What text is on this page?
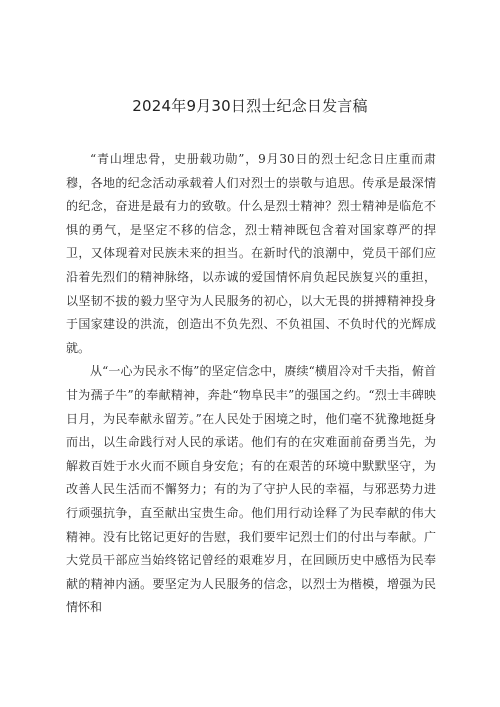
2024年9月30日烈士纪念日发言稿

“青山埋忠骨，史册载功勋”，9月30日的烈士纪念日庄重而肃穆，各地的纪念活动承载着人们对烈士的崇敬与追思。传承是最深情的纪念，奋进是最有力的致敬。什么是烈士精神？烈士精神是临危不惧的勇气，是坚定不移的信念，烈士精神既包含着对国家尊严的捍卫，又体现着对民族未来的担当。在新时代的浪潮中，党员干部们应沿着先烈们的精神脉络，以赤诚的爱国情怀肩负起民族复兴的重担，以坚韧不拔的毅力坚守为人民服务的初心，以大无畏的拼搏精神投身于国家建设的洪流，创造出不负先烈、不负祖国、不负时代的光辉成就。

从“一心为民永不悔”的坚定信念中，赓续“横眉冷对千夫指，俯首甘为孺子牛”的奉献精神，奔赴“物阜民丰”的强国之约。“烈士丰碑映日月，为民奉献永留芳。”在人民处于困境之时，他们毫不犹豫地挺身而出，以生命践行对人民的承诺。他们有的在灾难面前奋勇当先，为解救百姓于水火而不顾自身安危；有的在艰苦的环境中默默坚守，为改善人民生活而不懈努力；有的为了守护人民的幸福，与邪恶势力进行顽强抗争，直至献出宝贵生命。他们用行动诠释了为民奉献的伟大精神。没有比铭记更好的告慰，我们要牢记烈士们的付出与奉献。广大党员干部应当始终铭记曾经的艰难岁月，在回顾历史中感悟为民奉献的精神内涵。要坚定为人民服务的信念，以烈士为楷模，增强为民情怀和
